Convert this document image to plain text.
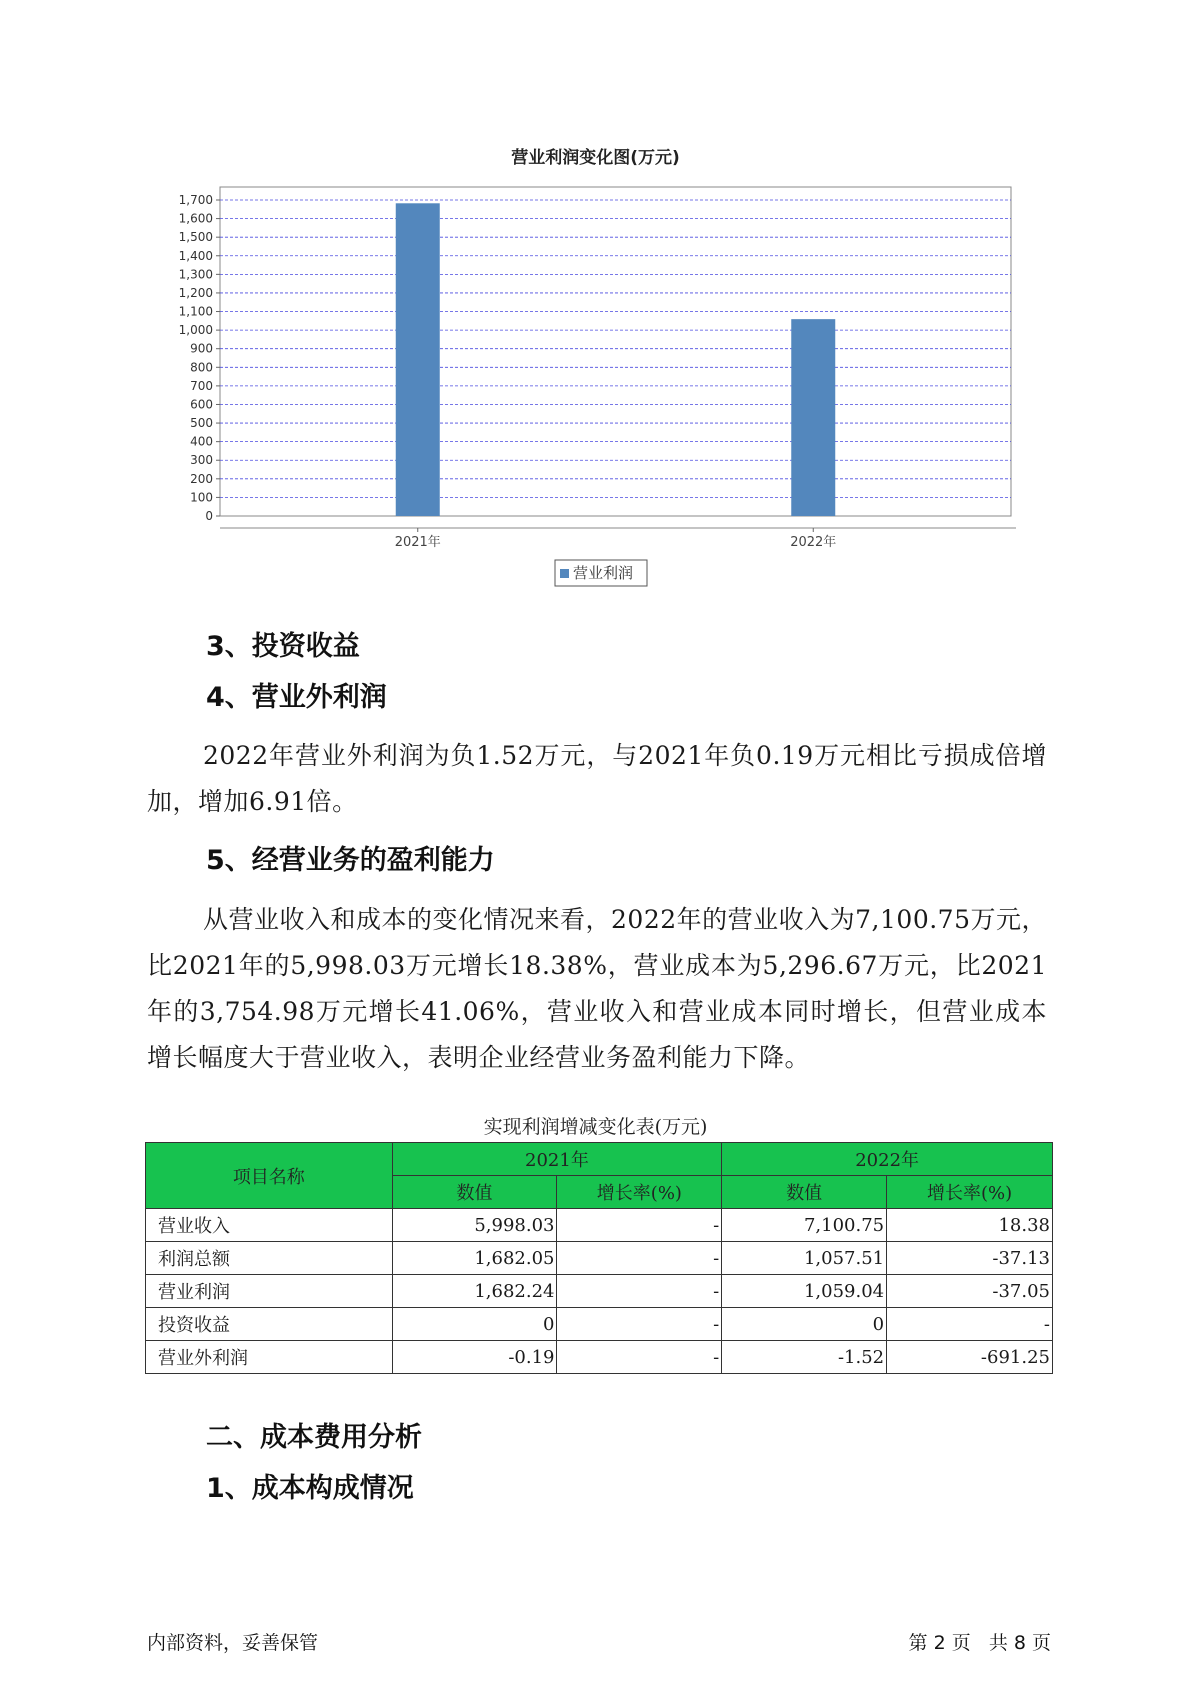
营业利润变化图(万元)
0
100
200
300
400
500
600
700
800
900
1,000
1,100
1,200
1,300
1,400
1,500
1,600
1,700
2021年	2022年
营业利润
3、投资收益
4、营业外利润
2022年营业外利润为负1.52万元，与2021年负0.19万元相比亏损成倍增加，增加6.91倍。
5、经营业务的盈利能力
从营业收入和成本的变化情况来看，2022年的营业收入为7,100.75万元，比2021年的5,998.03万元增长18.38%，营业成本为5,296.67万元，比2021年的3,754.98万元增长41.06%，营业收入和营业成本同时增长，但营业成本增长幅度大于营业收入，表明企业经营业务盈利能力下降。
实现利润增减变化表(万元)
项目名称	2021年		2022年	
	数值	增长率(%)	数值	增长率(%)
营业收入	5,998.03	-	7,100.75	18.38
利润总额	1,682.05	-	1,057.51	-37.13
营业利润	1,682.24	-	1,059.04	-37.05
投资收益	0	-	0	-
营业外利润	-0.19	-	-1.52	-691.25
二、成本费用分析
1、成本构成情况
内部资料，妥善保管	第 2 页   共 8 页
